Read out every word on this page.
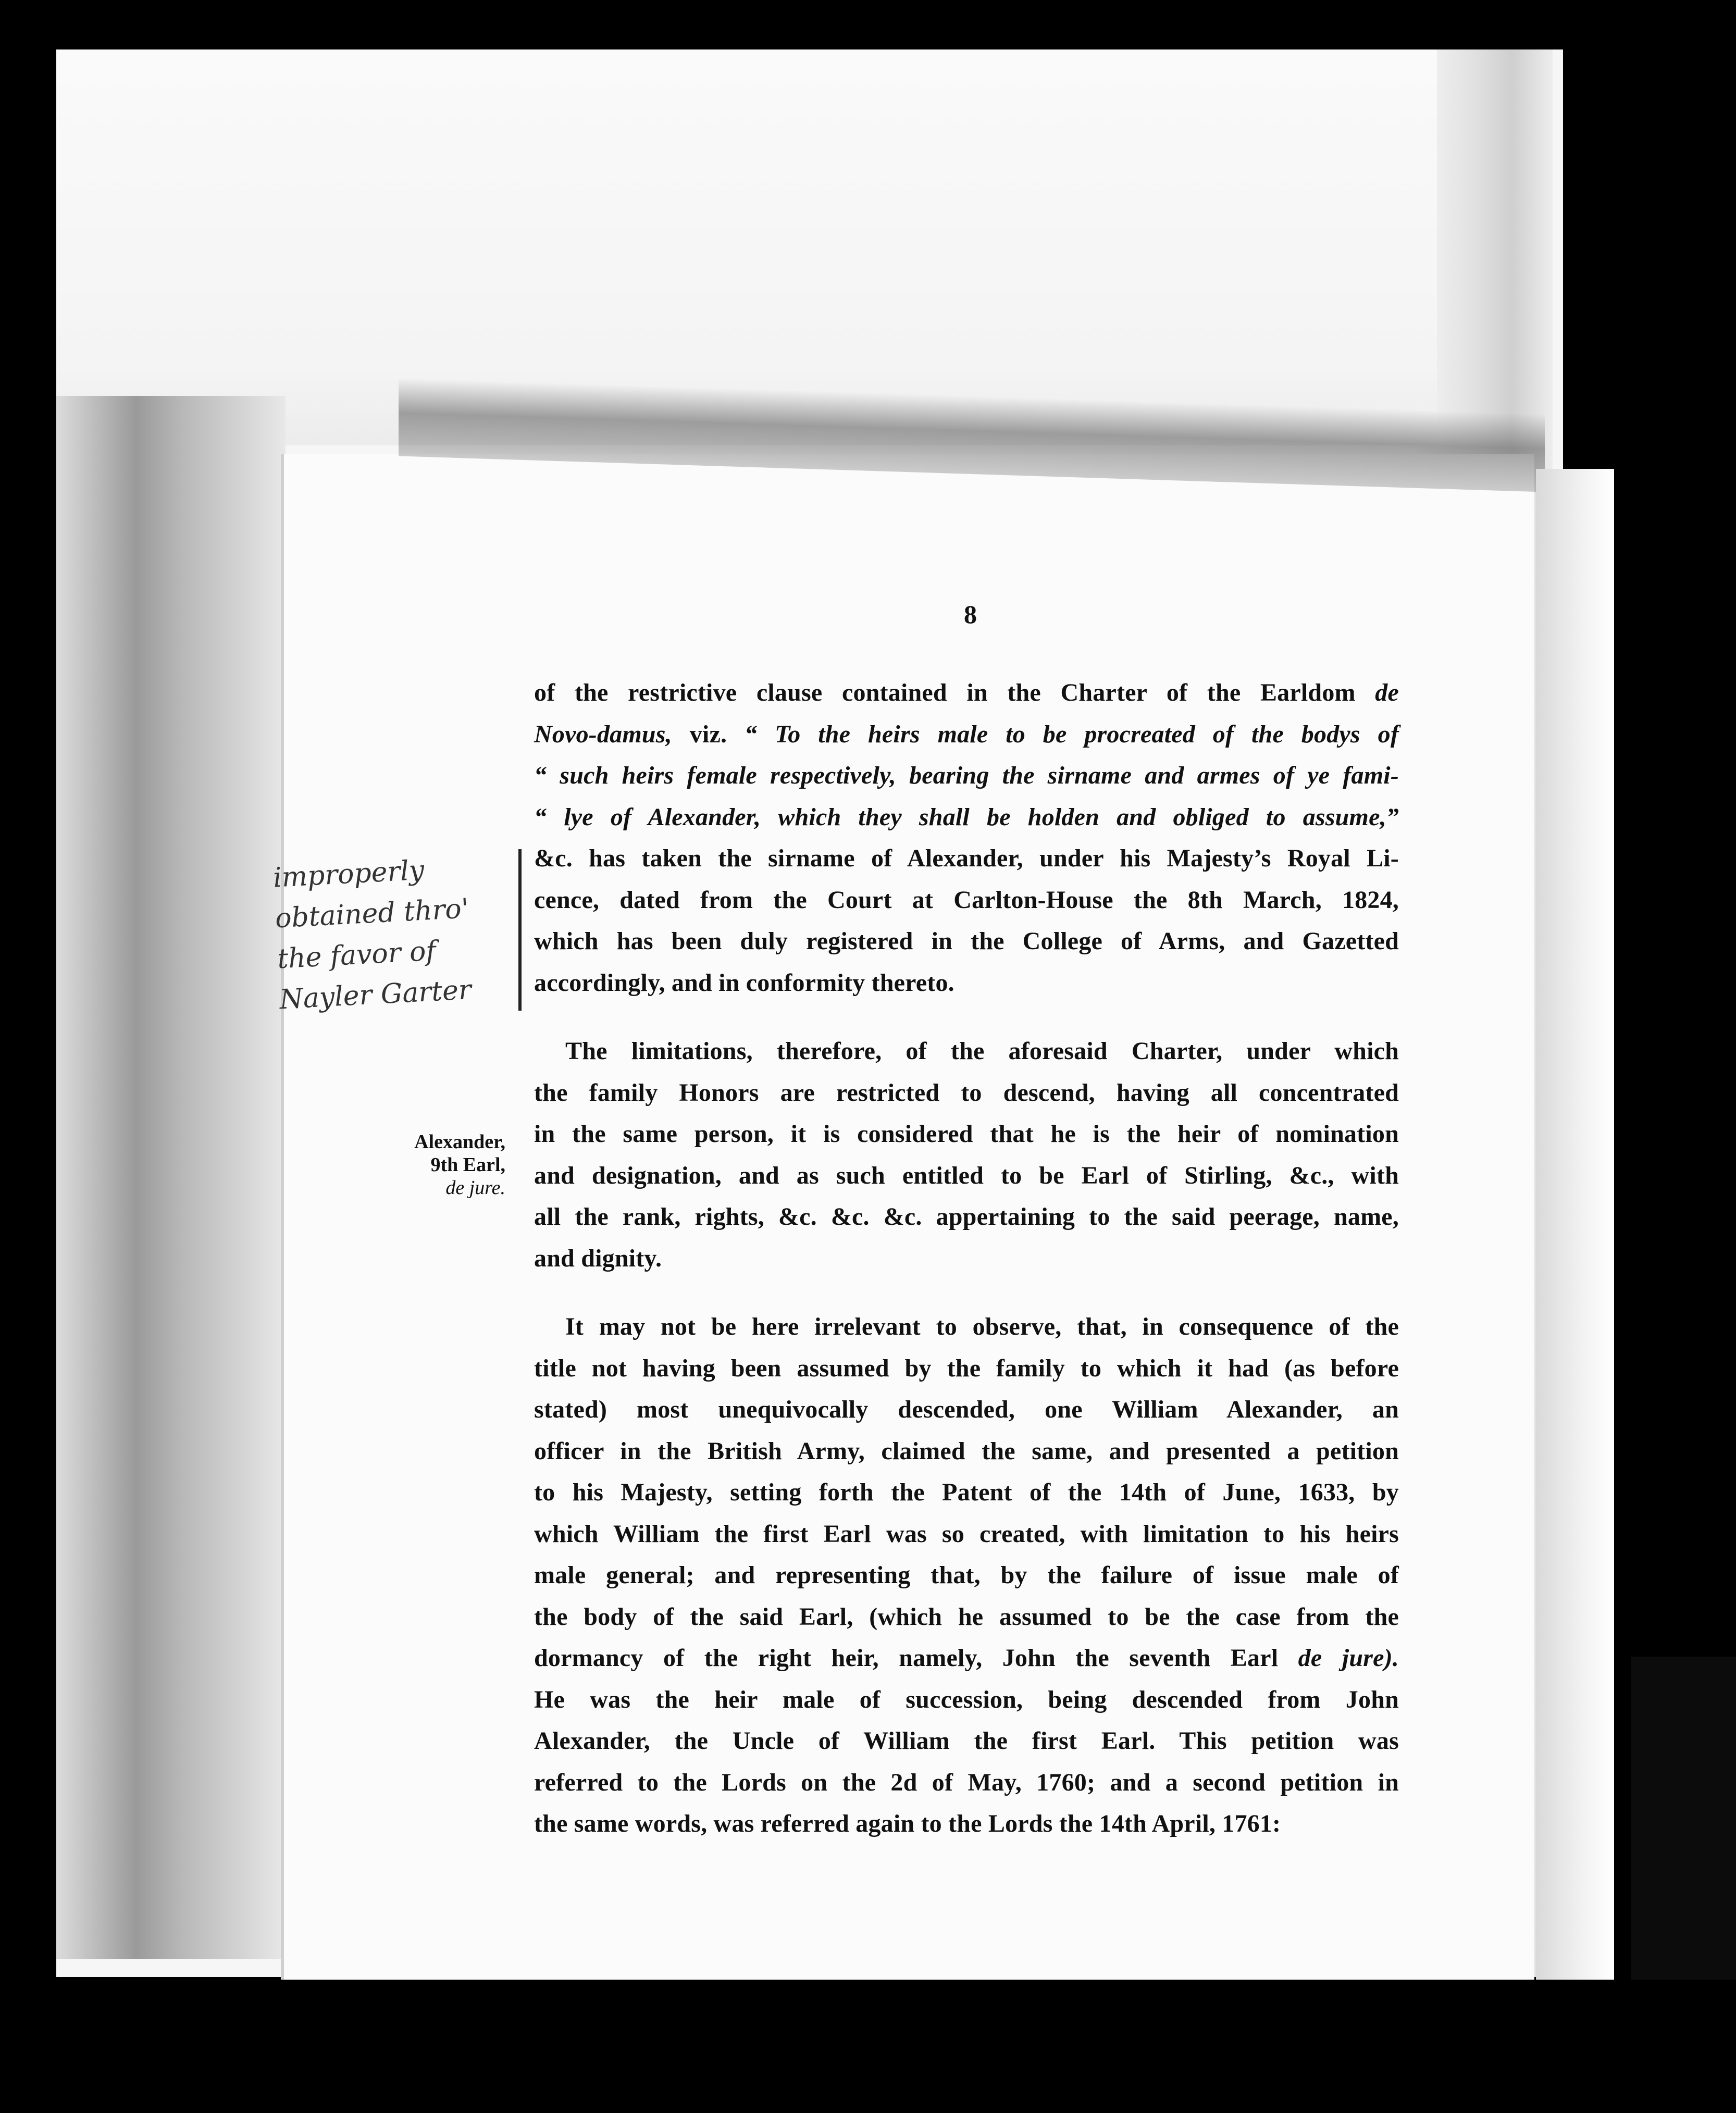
8
improperly
obtained thro'
the favor of
Nayler Garter
Alexander,
9th Earl,
de jure.
of the restrictive clause contained in the Charter of the Earldom de
Novo-damus, viz. “ To the heirs male to be procreated of the bodys of
“ such heirs female respectively, bearing the sirname and armes of ye fami-
“ lye of Alexander, which they shall be holden and obliged to assume,”
&c. has taken the sirname of Alexander, under his Majesty’s Royal Li-
cence, dated from the Court at Carlton-House the 8th March, 1824,
which has been duly registered in the College of Arms, and Gazetted
accordingly, and in conformity thereto.
The limitations, therefore, of the aforesaid Charter, under which
the family Honors are restricted to descend, having all concentrated
in the same person, it is considered that he is the heir of nomination
and designation, and as such entitled to be Earl of Stirling, &c., with
all the rank, rights, &c. &c. &c. appertaining to the said peerage, name,
and dignity.
It may not be here irrelevant to observe, that, in consequence of the
title not having been assumed by the family to which it had (as before
stated) most unequivocally descended, one William Alexander, an
officer in the British Army, claimed the same, and presented a petition
to his Majesty, setting forth the Patent of the 14th of June, 1633, by
which William the first Earl was so created, with limitation to his heirs
male general; and representing that, by the failure of issue male of
the body of the said Earl, (which he assumed to be the case from the
dormancy of the right heir, namely, John the seventh Earl de jure).
He was the heir male of succession, being descended from John
Alexander, the Uncle of William the first Earl. This petition was
referred to the Lords on the 2d of May, 1760; and a second petition in
the same words, was referred again to the Lords the 14th April, 1761:
